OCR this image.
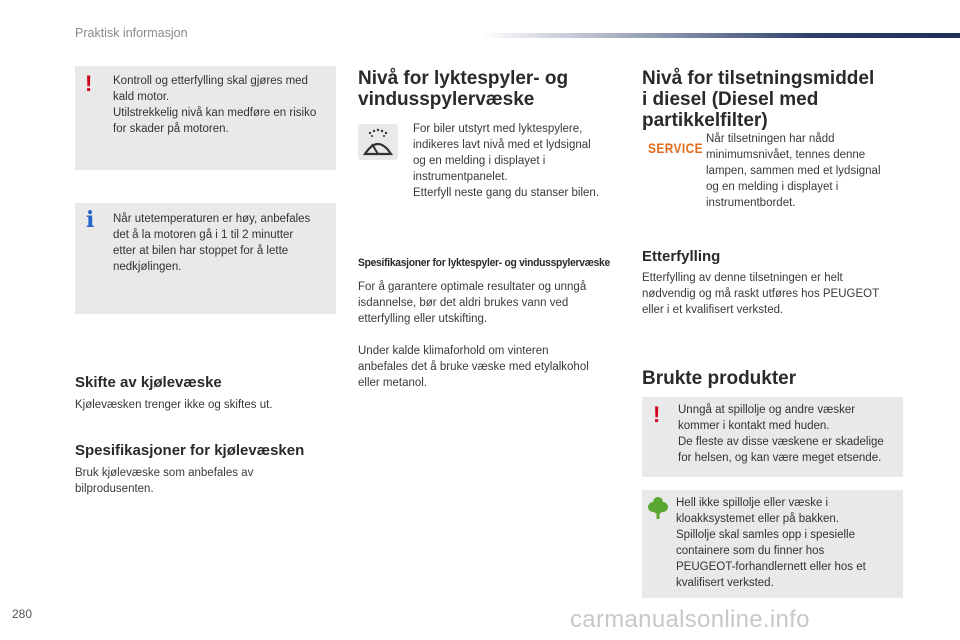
Praktisk informasjon
! Kontroll og etterfylling skal gjøres med

kald motor.

Utilstrekkelig nivå kan medføre en risiko

for skader på motoren.

i Når utetemperaturen er høy, anbefales

det å la motoren gå i 1 til 2 minutter

etter at bilen har stoppet for å lette

nedkjølingen.

Skifte av kjølevæske

Kjølevæsken trenger ikke og skiftes ut.

Spesifikasjoner for kjølevæsken

Bruk kjølevæske som anbefales av

bilprodusenten.

Nivå for lyktespyler- og
vindusspylervæske

For biler utstyrt med lyktespylere,

indikeres lavt nivå med et lydsignal

og en melding i displayet i

instrumentpanelet.

Etterfyll neste gang du stanser bilen.

Spesifikasjoner for lyktespyler- og vindusspylervæske

For å garantere optimale resultater og unngå

isdannelse, bør det aldri brukes vann ved

etterfylling eller utskifting.

Under kalde klimaforhold om vinteren

anbefales det å bruke væske med etylalkohol

eller metanol.

Nivå for tilsetningsmiddel
i diesel (Diesel med
partikkelfilter)
SERVICE

Når tilsetningen har nådd

minimumsnivået, tennes denne

lampen, sammen med et lydsignal

og en melding i displayet i

instrumentbordet.

Etterfylling

Etterfylling av denne tilsetningen er helt

nødvendig og må raskt utføres hos PEUGEOT

eller i et kvalifisert verksted.

Brukte produkter
! Unngå at spillolje og andre væsker

kommer i kontakt med huden.

De fleste av disse væskene er skadelige

for helsen, og kan være meget etsende.

Hell ikke spillolje eller væske i

kloakksystemet eller på bakken.

Spillolje skal samles opp i spesielle

containere som du finner hos

PEUGEOT-forhandlernett eller hos et

kvalifisert verksted.

280	carmanualsonline.info
